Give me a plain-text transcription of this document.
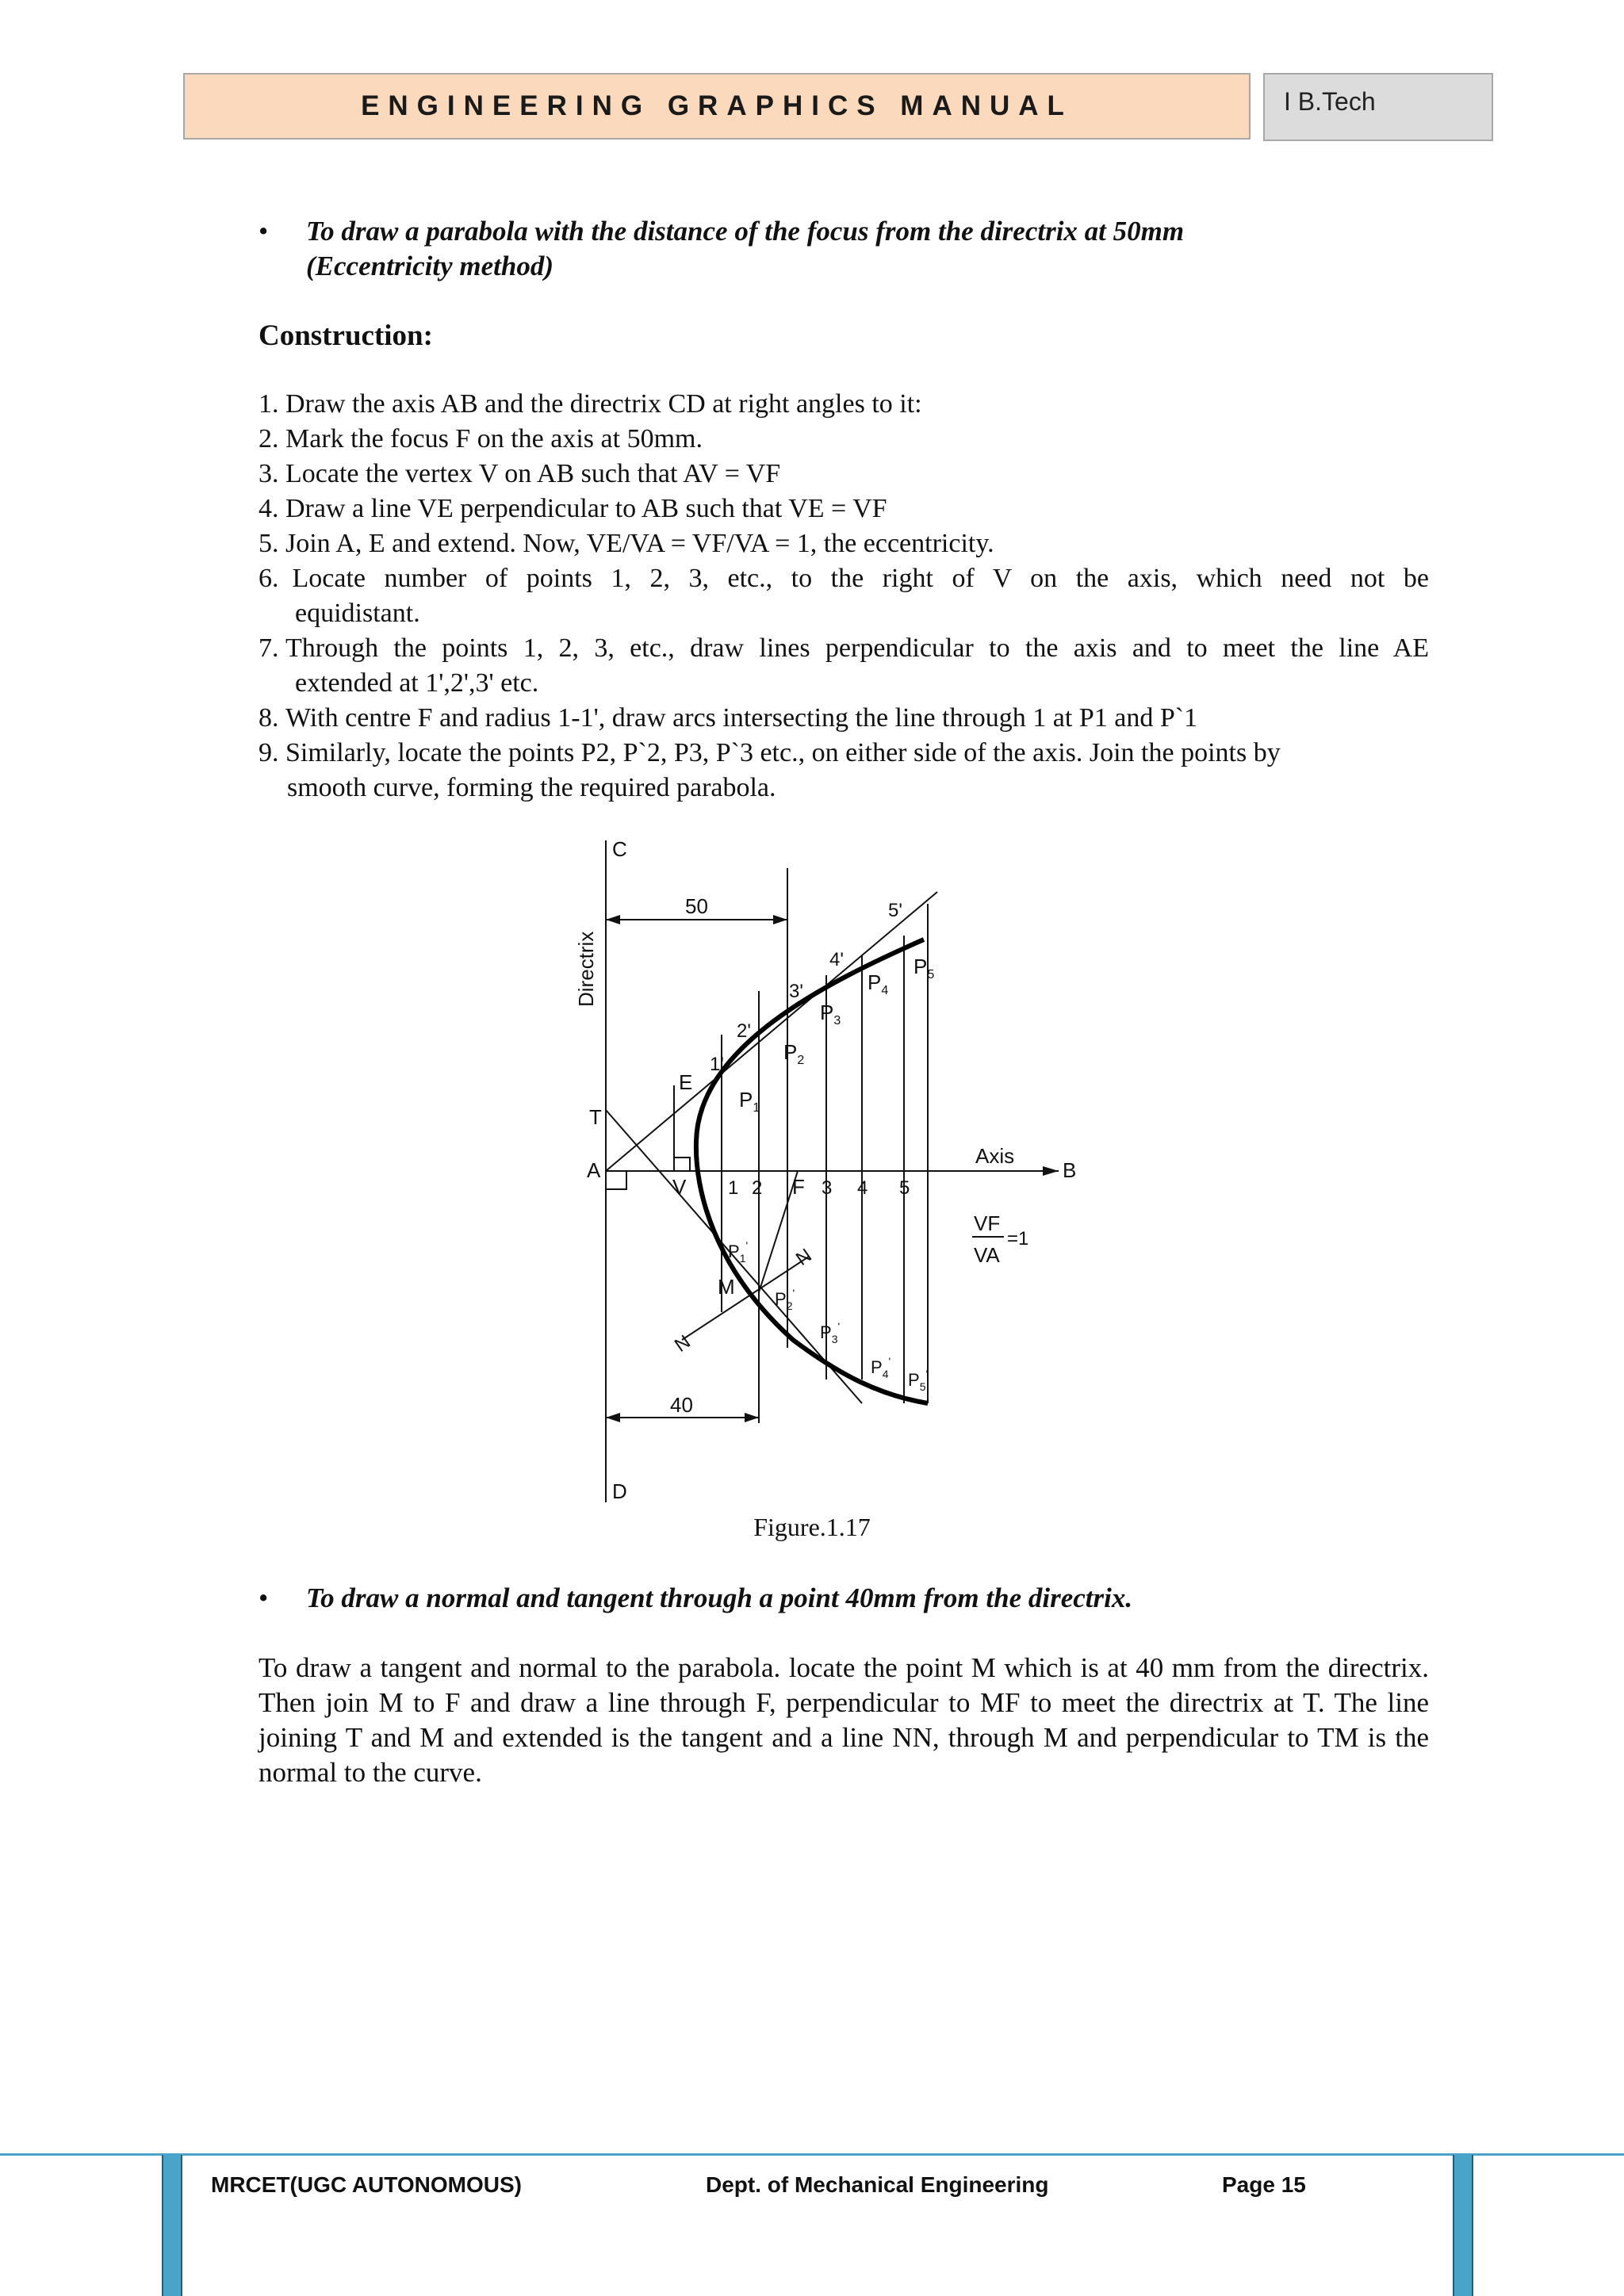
ENGINEERING GRAPHICS MANUAL	I B.Tech
• To draw a parabola with the distance of the focus from the directrix at 50mm
(Eccentricity method)
Construction:
1. Draw the axis AB and the directrix CD at right angles to it:
2. Mark the focus F on the axis at 50mm.
3. Locate the vertex V on AB such that AV = VF
4. Draw a line VE perpendicular to AB such that VE = VF
5. Join A, E and extend. Now, VE/VA = VF/VA = 1, the eccentricity.
6. Locate number of points 1, 2, 3, etc., to the right of V on the axis, which need not be
equidistant.
7. Through the points 1, 2, 3, etc., draw lines perpendicular to the axis and to meet the line AE
extended at 1',2',3' etc.
8. With centre F and radius 1-1', draw arcs intersecting the line through 1 at P1 and P`1
9. Similarly, locate the points P2, P`2, P3, P`3 etc., on either side of the axis. Join the points by
smooth curve, forming the required parabola.
C
D
A	B
T
V
E
F
M
N
N
Directrix
Axis
50
40
1 2	3 4 5
1'
2'
3'
4'
5'
$P_1$
$P_2$
$P_3$
$P_4$
$P_5$
$P_1'$
$P_2'$
$P_3'$
$P_4'$
$P_5'$
VF
VA
=1
Figure.1.17
• To draw a normal and tangent through a point 40mm from the directrix.
To draw a tangent and normal to the parabola. locate the point M which is at 40 mm from the directrix. Then join M to F and draw a line through F, perpendicular to MF to meet the directrix at T. The line joining T and M and extended is the tangent and a line NN, through M and perpendicular to TM is the normal to the curve.
MRCET(UGC AUTONOMOUS)	Dept. of Mechanical Engineering	Page 15
